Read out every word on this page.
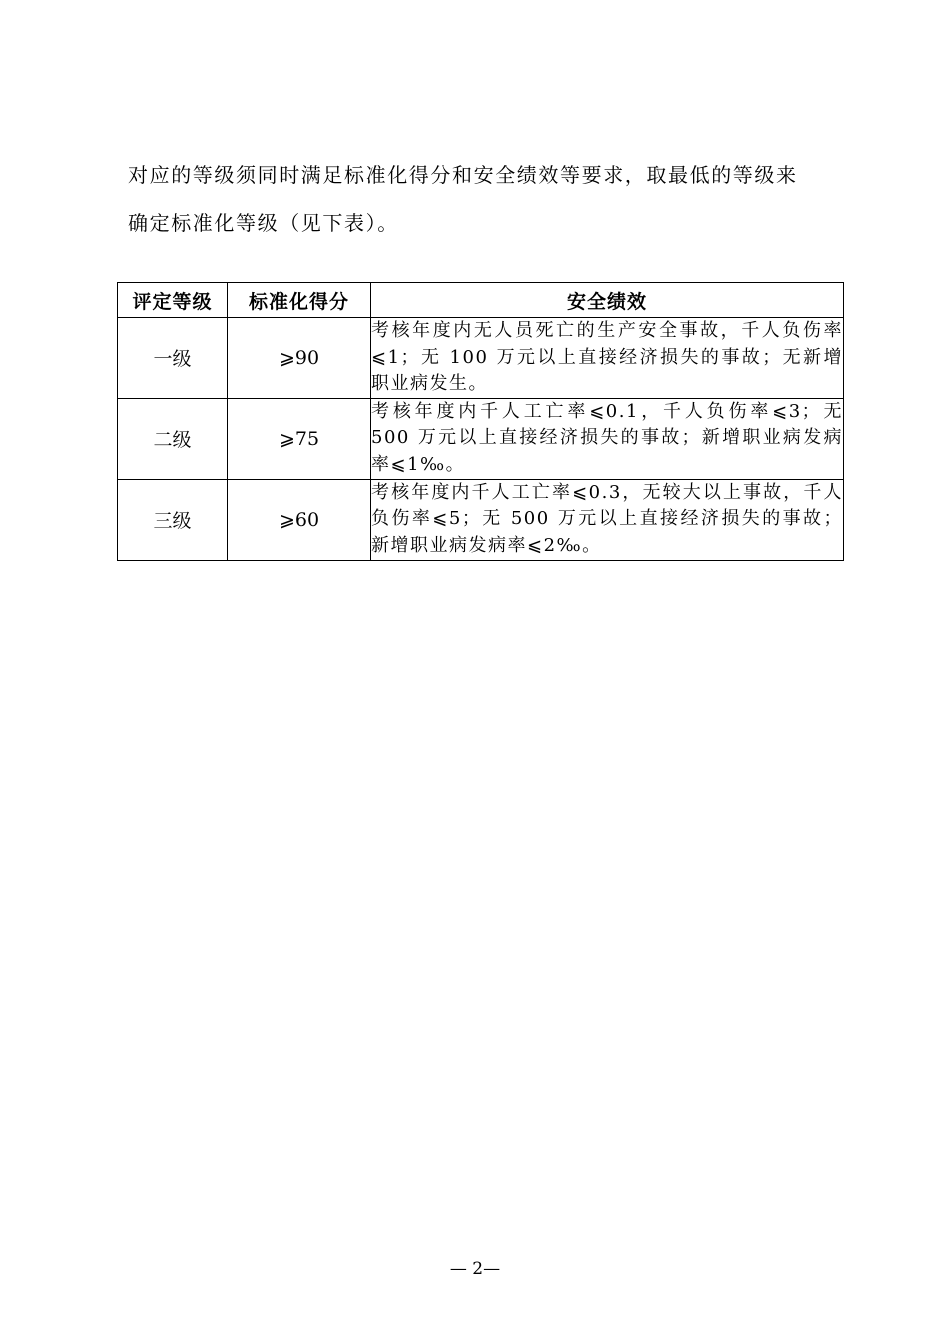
对应的等级须同时满足标准化得分和安全绩效等要求，取最低的等级来
确定标准化等级（见下表）。
评定等级	标准化得分	安全绩效
一级	⩾90	考核年度内无人员死亡的生产安全事故，千人负伤率⩽1；无 100 万元以上直接经济损失的事故；无新增职业病发生。
二级	⩾75	考核年度内千人工亡率⩽0.1，千人负伤率⩽3；无 500 万元以上直接经济损失的事故；新增职业病发病率⩽1‰。
三级	⩾60	考核年度内千人工亡率⩽0.3，无较大以上事故，千人负伤率⩽5；无 500 万元以上直接经济损失的事故；新增职业病发病率⩽2‰。
— 2—
